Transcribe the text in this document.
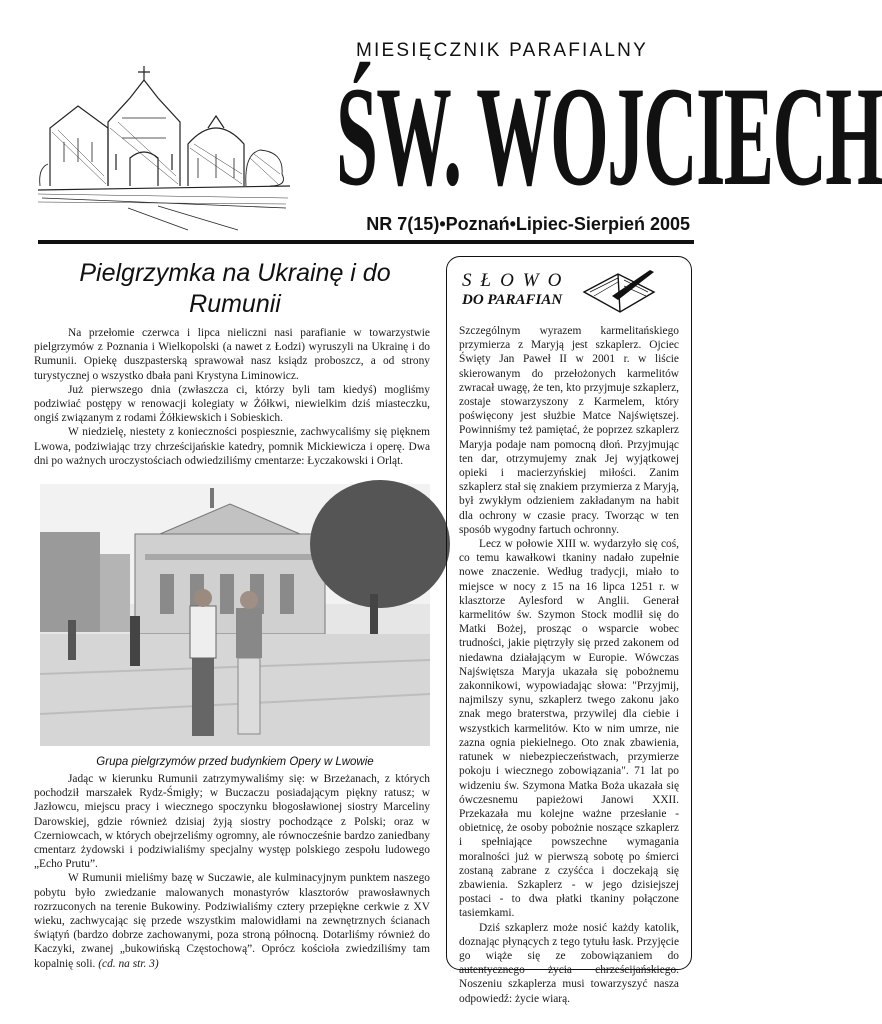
MIESIĘCZNIK PARAFIALNY
ŚW. WOJCIECH
NR 7(15)•Poznań•Lipiec-Sierpień 2005
Pielgrzymka na Ukrainę i do Rumunii

Na przełomie czerwca i lipca nieliczni nasi parafianie w towarzystwie pielgrzymów z Poznania i Wielkopolski (a nawet z Łodzi) wyruszyli na Ukrainę i do Rumunii. Opiekę duszpasterską sprawował nasz ksiądz proboszcz, a od strony turystycznej o wszystko dbała pani Krystyna Liminowicz.

Już pierwszego dnia (zwłaszcza ci, którzy byli tam kiedyś) mogliśmy podziwiać postępy w renowacji kolegiaty w Żółkwi, niewielkim dziś miasteczku, ongiś związanym z rodami Żółkiewskich i Sobieskich.

W niedzielę, niestety z konieczności pospiesznie, zachwycaliśmy się pięknem Lwowa, podziwiając trzy chrześcijańskie katedry, pomnik Mickiewicza i operę. Dwa dni po ważnych uroczystościach odwiedziliśmy cmentarze: Łyczakowski i Orląt.

Grupa pielgrzymów przed budynkiem Opery w Lwowie

Jadąc w kierunku Rumunii zatrzymywaliśmy się: w Brzeżanach, z których pochodził marszałek Rydz-Śmigły; w Buczaczu posiadającym piękny ratusz; w Jazłowcu, miejscu pracy i wiecznego spoczynku błogosławionej siostry Marceliny Darowskiej, gdzie również dzisiaj żyją siostry pochodzące z Polski; oraz w Czerniowcach, w których obejrzeliśmy ogromny, ale równocześnie bardzo zaniedbany cmentarz żydowski i podziwialiśmy specjalny występ polskiego zespołu ludowego „Echo Prutu”.

W Rumunii mieliśmy bazę w Suczawie, ale kulminacyjnym punktem naszego pobytu było zwiedzanie malowanych monastyrów klasztorów prawosławnych rozrzuconych na terenie Bukowiny. Podziwialiśmy cztery przepiękne cerkwie z XV wieku, zachwycając się przede wszystkim malowidłami na zewnętrznych ścianach świątyń (bardzo dobrze zachowanymi, poza stroną północną. Dotarliśmy również do Kaczyki, zwanej „bukowińską Częstochową”. Oprócz kościoła zwiedziliśmy tam kopalnię soli. (cd. na str. 3)

SŁOWO
DO PARAFIAN

Szczególnym wyrazem karmelitańskiego przymierza z Maryją jest szkaplerz. Ojciec Święty Jan Paweł II w 2001 r. w liście skierowanym do przełożonych karmelitów zwracał uwagę, że ten, kto przyjmuje szkaplerz, zostaje stowarzyszony z Karmelem, który poświęcony jest służbie Matce Najświętszej. Powinniśmy też pamiętać, że poprzez szkaplerz Maryja podaje nam pomocną dłoń. Przyjmując ten dar, otrzymujemy znak Jej wyjątkowej opieki i macierzyńskiej miłości. Zanim szkaplerz stał się znakiem przymierza z Maryją, był zwykłym odzieniem zakładanym na habit dla ochrony w czasie pracy. Tworząc w ten sposób wygodny fartuch ochronny.

Lecz w połowie XIII w. wydarzyło się coś, co temu kawałkowi tkaniny nadało zupełnie nowe znaczenie. Według tradycji, miało to miejsce w nocy z 15 na 16 lipca 1251 r. w klasztorze Aylesford w Anglii. Generał karmelitów św. Szymon Stock modlił się do Matki Bożej, prosząc o wsparcie wobec trudności, jakie piętrzyły się przed zakonem od niedawna działającym w Europie. Wówczas Najświętsza Maryja ukazała się pobożnemu zakonnikowi, wypowiadając słowa: "Przyjmij, najmilszy synu, szkaplerz twego zakonu jako znak mego braterstwa, przywilej dla ciebie i wszystkich karmelitów. Kto w nim umrze, nie zazna ognia piekielnego. Oto znak zbawienia, ratunek w niebezpieczeństwach, przymierze pokoju i wiecznego zobowiązania". 71 lat po widzeniu św. Szymona Matka Boża ukazała się ówczesnemu papieżowi Janowi XXII. Przekazała mu kolejne ważne przesłanie - obietnicę, że osoby pobożnie noszące szkaplerz i spełniające powszechne wymagania moralności już w pierwszą sobotę po śmierci zostaną zabrane z czyśćca i doczekają się zbawienia. Szkaplerz - w jego dzisiejszej postaci - to dwa płatki tkaniny połączone tasiemkami.

Dziś szkaplerz może nosić każdy katolik, doznając płynących z tego tytułu łask. Przyjęcie go wiąże się ze zobowiązaniem do autentycznego życia chrześcijańskiego. Noszeniu szkaplerza musi towarzyszyć nasza odpowiedź: życie wiarą.
